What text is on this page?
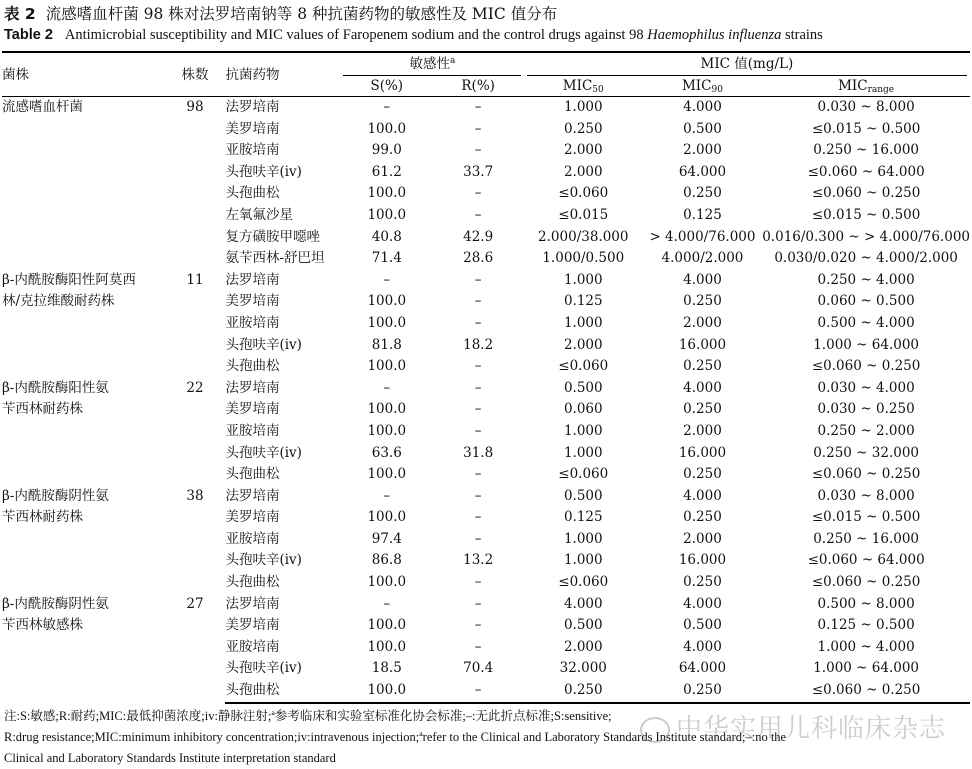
表 2 流感嗜血杆菌 98 株对法罗培南钠等 8 种抗菌药物的敏感性及 MIC 值分布
Table 2 Antimicrobial susceptibility and MIC values of Faropenem sodium and the control drugs against 98 Haemophilus influenza strains
菌株	株数	抗菌药物	敏感性$^a$		MIC 值(mg/L)		
			S(%)	R(%)	$MIC_{50}$	$MIC_{90}$	$MIC_{range}$

流感嗜血杆菌	98	法罗培南	–	–	1.000	4.000	0.030 ~ 8.000
		美罗培南	100.0	–	0.250	0.500	≤0.015 ~ 0.500
		亚胺培南	99.0	–	2.000	2.000	0.250 ~ 16.000
		头孢呋辛(iv)	61.2	33.7	2.000	64.000	≤0.060 ~ 64.000
		头孢曲松	100.0	–	≤0.060	0.250	≤0.060 ~ 0.250
		左氧氟沙星	100.0	–	≤0.015	0.125	≤0.015 ~ 0.500
		复方磺胺甲噁唑	40.8	42.9	2.000/38.000	> 4.000/76.000	0.016/0.300 ~ > 4.000/76.000
		氨苄西林-舒巴坦	71.4	28.6	1.000/0.500	4.000/2.000	0.030/0.020 ~ 4.000/2.000

β-内酰胺酶阳性阿莫西
林/克拉维酸耐药株	11	法罗培南	–	–	1.000	4.000	0.250 ~ 4.000
		美罗培南	100.0	–	0.125	0.250	0.060 ~ 0.500
		亚胺培南	100.0	–	1.000	2.000	0.500 ~ 4.000
		头孢呋辛(iv)	81.8	18.2	2.000	16.000	1.000 ~ 64.000
		头孢曲松	100.0	–	≤0.060	0.250	≤0.060 ~ 0.250

β-内酰胺酶阳性氨
苄西林耐药株	22	法罗培南	–	–	0.500	4.000	0.030 ~ 4.000
		美罗培南	100.0	–	0.060	0.250	0.030 ~ 0.250
		亚胺培南	100.0	–	1.000	2.000	0.250 ~ 2.000
		头孢呋辛(iv)	63.6	31.8	1.000	16.000	0.250 ~ 32.000
		头孢曲松	100.0	–	≤0.060	0.250	≤0.060 ~ 0.250

β-内酰胺酶阴性氨
苄西林耐药株	38	法罗培南	–	–	0.500	4.000	0.030 ~ 8.000
		美罗培南	100.0	–	0.125	0.250	≤0.015 ~ 0.500
		亚胺培南	97.4	–	1.000	2.000	0.250 ~ 16.000
		头孢呋辛(iv)	86.8	13.2	1.000	16.000	≤0.060 ~ 64.000
		头孢曲松	100.0	–	≤0.060	0.250	≤0.060 ~ 0.250

β-内酰胺酶阴性氨
苄西林敏感株	27	法罗培南	–	–	4.000	4.000	0.500 ~ 8.000
		美罗培南	100.0	–	0.500	0.500	0.125 ~ 0.500
		亚胺培南	100.0	–	2.000	4.000	1.000 ~ 4.000
		头孢呋辛(iv)	18.5	70.4	32.000	64.000	1.000 ~ 64.000
		头孢曲松	100.0	–	0.250	0.250	≤0.060 ~ 0.250
注:S:敏感;R:耐药;MIC:最低抑菌浓度;iv:静脉注射;ª参考临床和实验室标准化协会标准;–:无此折点标准;S:sensitive;
R:drug resistance;MIC:minimum inhibitory concentration;iv:intravenous injection;ªrefer to the Clinical and Laboratory Standards Institute standard;–:no the
Clinical and Laboratory Standards Institute interpretation standard
中华实用儿科临床杂志
